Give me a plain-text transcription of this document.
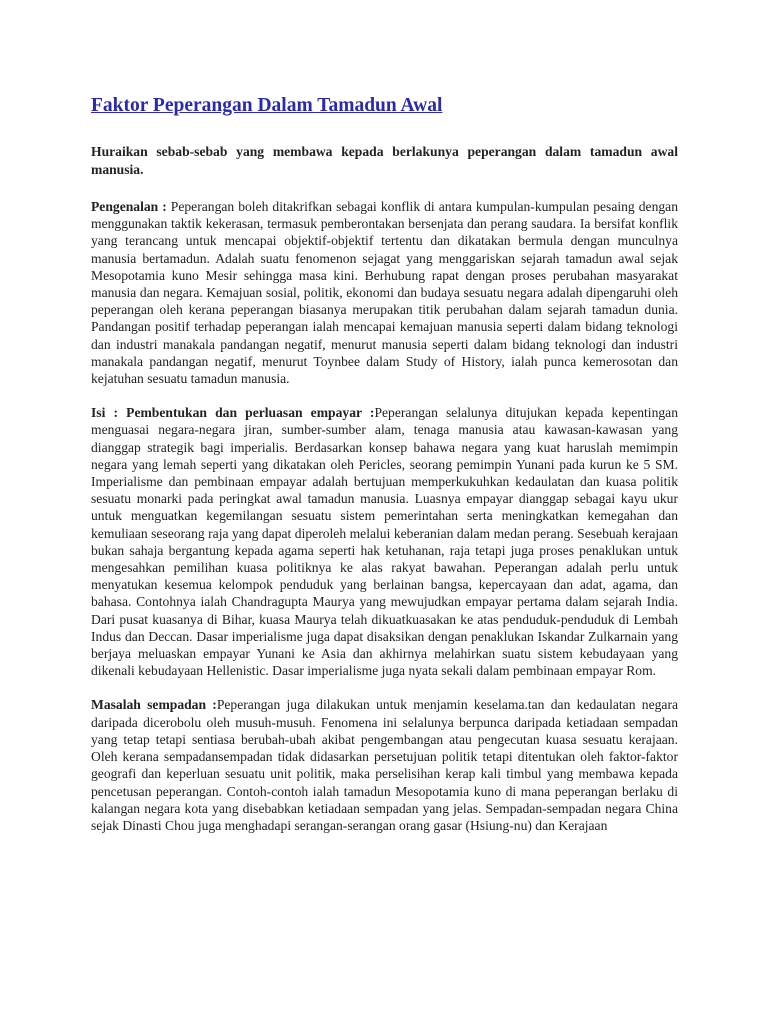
Faktor Peperangan Dalam Tamadun Awal
Huraikan sebab-sebab yang membawa kepada berlakunya peperangan dalam tamadun awal manusia.
Pengenalan : Peperangan boleh ditakrifkan sebagai konflik di antara kumpulan-kumpulan pesaing dengan menggunakan taktik kekerasan, termasuk pemberontakan bersenjata dan perang saudara. Ia bersifat konflik yang terancang untuk mencapai objektif-objektif tertentu dan dikatakan bermula dengan munculnya manusia bertamadun. Adalah suatu fenomenon sejagat yang menggariskan sejarah tamadun awal sejak Mesopotamia kuno Mesir sehingga masa kini. Berhubung rapat dengan proses perubahan masyarakat manusia dan negara. Kemajuan sosial, politik, ekonomi dan budaya sesuatu negara adalah dipengaruhi oleh peperangan oleh kerana peperangan biasanya merupakan titik perubahan dalam sejarah tamadun dunia. Pandangan positif terhadap peperangan ialah mencapai kemajuan manusia seperti dalam bidang teknologi dan industri manakala pandangan negatif, menurut manusia seperti dalam bidang teknologi dan industri manakala pandangan negatif, menurut Toynbee dalam Study of History, ialah punca kemerosotan dan kejatuhan sesuatu tamadun manusia.
Isi : Pembentukan dan perluasan empayar :Peperangan selalunya ditujukan kepada kepentingan menguasai negara-negara jiran, sumber-sumber alam, tenaga manusia atau kawasan-kawasan yang dianggap strategik bagi imperialis. Berdasarkan konsep bahawa negara yang kuat haruslah memimpin negara yang lemah seperti yang dikatakan oleh Pericles, seorang pemimpin Yunani pada kurun ke 5 SM. Imperialisme dan pembinaan empayar adalah bertujuan memperkukuhkan kedaulatan dan kuasa politik sesuatu monarki pada peringkat awal tamadun manusia. Luasnya empayar dianggap sebagai kayu ukur untuk menguatkan kegemilangan sesuatu sistem pemerintahan serta meningkatkan kemegahan dan kemuliaan seseorang raja yang dapat diperoleh melalui keberanian dalam medan perang. Sesebuah kerajaan bukan sahaja bergantung kepada agama seperti hak ketuhanan, raja tetapi juga proses penaklukan untuk mengesahkan pemilihan kuasa politiknya ke alas rakyat bawahan. Peperangan adalah perlu untuk menyatukan kesemua kelompok penduduk yang berlainan bangsa, kepercayaan dan adat, agama, dan bahasa. Contohnya ialah Chandragupta Maurya yang mewujudkan empayar pertama dalam sejarah India. Dari pusat kuasanya di Bihar, kuasa Maurya telah dikuatkuasakan ke atas penduduk-penduduk di Lembah Indus dan Deccan. Dasar imperialisme juga dapat disaksikan dengan penaklukan Iskandar Zulkarnain yang berjaya meluaskan empayar Yunani ke Asia dan akhirnya melahirkan suatu sistem kebudayaan yang dikenali kebudayaan Hellenistic. Dasar imperialisme juga nyata sekali dalam pembinaan empayar Rom.
Masalah sempadan :Peperangan juga dilakukan untuk menjamin keselama.tan dan kedaulatan negara daripada dicerobolu oleh musuh-musuh. Fenomena ini selalunya berpunca daripada ketiadaan sempadan yang tetap tetapi sentiasa berubah-ubah akibat pengembangan atau pengecutan kuasa sesuatu kerajaan. Oleh kerana sempadansempadan tidak didasarkan persetujuan politik tetapi ditentukan oleh faktor-faktor geografi dan keperluan sesuatu unit politik, maka perselisihan kerap kali timbul yang membawa kepada pencetusan peperangan. Contoh-contoh ialah tamadun Mesopotamia kuno di mana peperangan berlaku di kalangan negara kota yang disebabkan ketiadaan sempadan yang jelas. Sempadan-sempadan negara China sejak Dinasti Chou juga menghadapi serangan-serangan orang gasar (Hsiung-nu) dan Kerajaan
